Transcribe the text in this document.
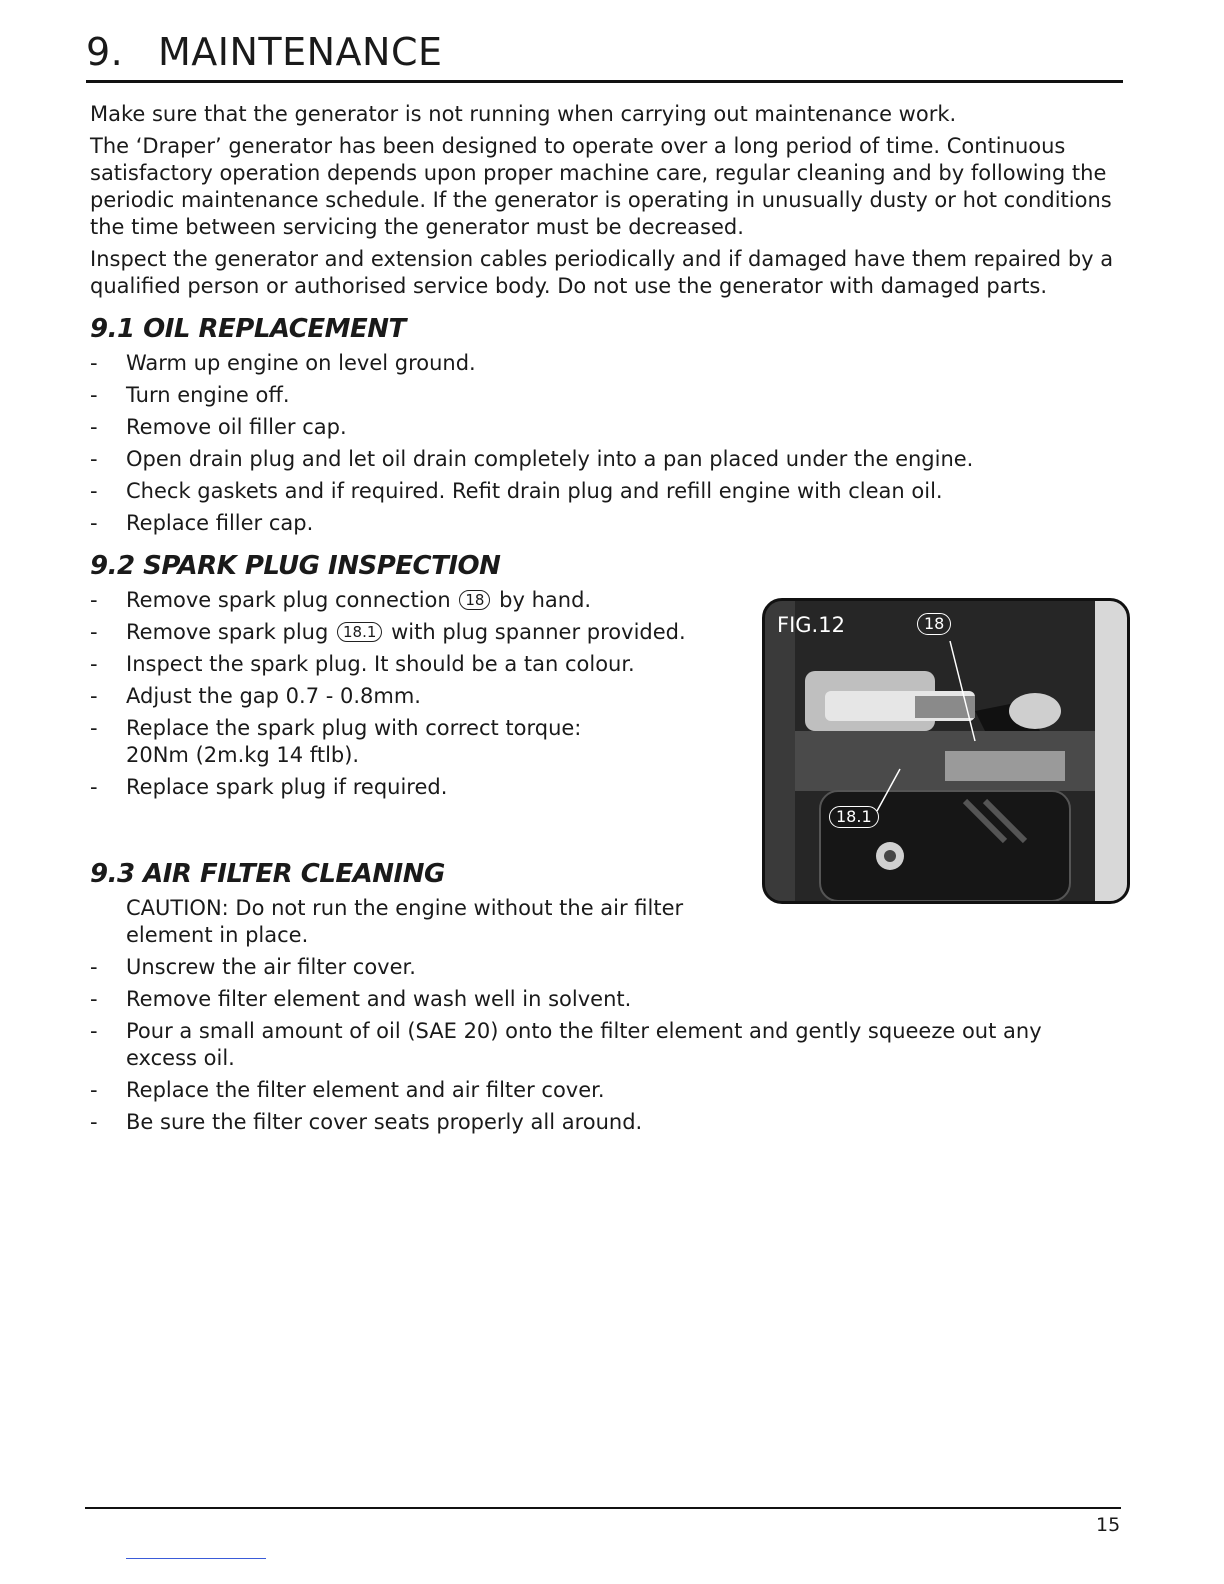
9. MAINTENANCE

Make sure that the generator is not running when carrying out maintenance work.

The ‘Draper’ generator has been designed to operate over a long period of time. Continuous satisfactory operation depends upon proper machine care, regular cleaning and by following the periodic maintenance schedule. If the generator is operating in unusually dusty or hot conditions the time between servicing the generator must be decreased.

Inspect the generator and extension cables periodically and if damaged have them repaired by a qualified person or authorised service body. Do not use the generator with damaged parts.

9.1 OIL REPLACEMENT
- Warm up engine on level ground.
- Turn engine off.
- Remove oil filler cap.
- Open drain plug and let oil drain completely into a pan placed under the engine.
- Check gaskets and if required. Refit drain plug and refill engine with clean oil.
- Replace filler cap.
9.2 SPARK PLUG INSPECTION
- Remove spark plug connection 18 by hand.
- Remove spark plug 18.1 with plug spanner provided.
- Inspect the spark plug. It should be a tan colour.
- Adjust the gap 0.7 - 0.8mm.
- Replace the spark plug with correct torque:
20Nm (2m.kg 14 ftlb).
- Replace spark plug if required.
9.3 AIR FILTER CLEANING
CAUTION: Do not run the engine without the air filter element in place.
- Unscrew the air filter cover.
- Remove filter element and wash well in solvent.
- Pour a small amount of oil (SAE 20) onto the filter element and gently squeeze out any excess oil.
- Replace the filter element and air filter cover.
- Be sure the filter cover seats properly all around.
FIG.12	18
18.1
15
